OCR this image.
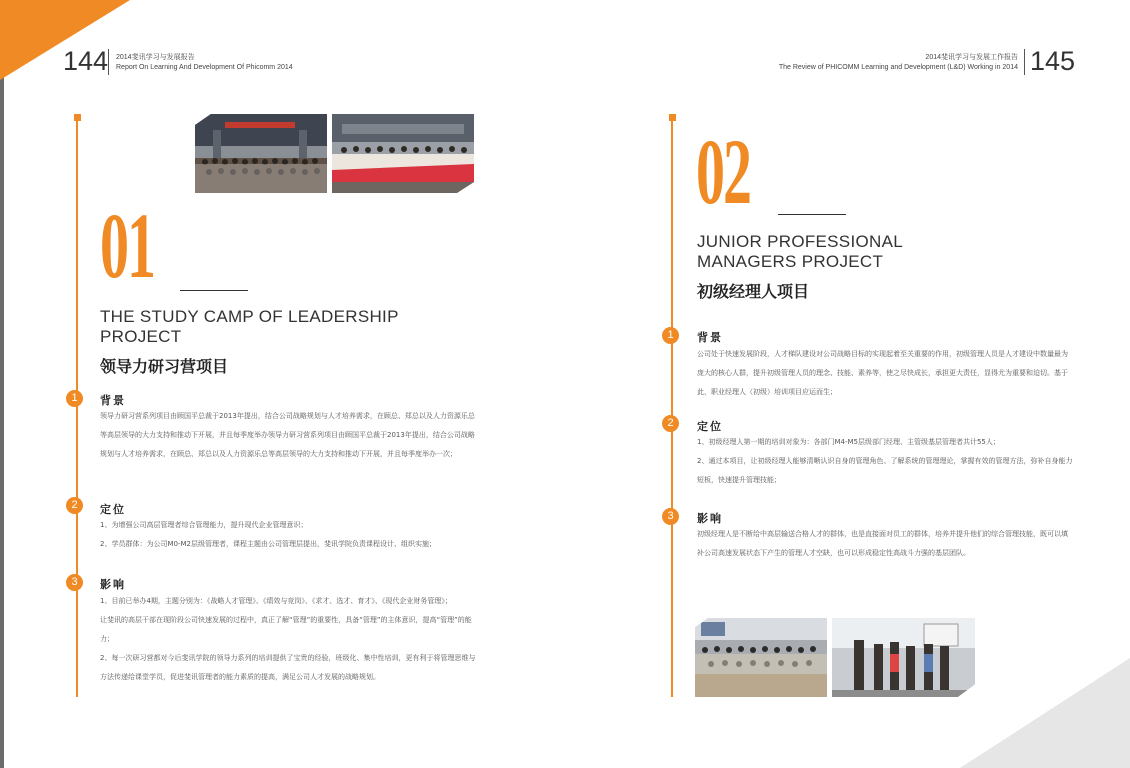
144 2014斐讯学习与发展报告
Report On Learning And Development Of Phicomm 2014
2014斐讯学习与发展工作报告
The Review of PHICOMM Learning and Development (L&D) Working in 2014 145
01
THE STUDY CAMP OF LEADERSHIP
PROJECT
领导力研习营项目
1	背景

领导力研习营系列项目由顾国平总裁于2013年提出，结合公司战略规划与人才培养需求，在顾总、郑总以及人力资源乐总等高层领导的大力支持和推动下开展，并且每季度举办领导力研习营系列项目由顾国平总裁于2013年提出，结合公司战略规划与人才培养需求，在顾总、郑总以及人力资源乐总等高层领导的大力支持和推动下开展，并且每季度举办一次；

2	定位

1、为增强公司高层管理者综合管理能力，提升现代企业管理意识；

2、学员群体：为公司M0-M2层级管理者，课程主题由公司管理层提出，斐讯学院负责课程设计、组织实施；

3	影响

1、目前已举办4期，主题分别为：《战略人才管理》、《绩效与竞岗》、《求才、选才、育才》、《现代企业财务管理》；

让斐讯的高层干部在现阶段公司快速发展的过程中，真正了解“管理”的重要性，具备“管理”的主体意识，提高“管理”的能力；

2、每一次研习营都对今后斐讯学院的领导力系列的培训提供了宝贵的经验，班级化、集中性培训，更有利于将管理思维与方法传递给课堂学员，促进斐讯管理者的能力素质的提高，满足公司人才发展的战略规划。

02
JUNIOR PROFESSIONAL
MANAGERS PROJECT
初级经理人项目
1	背景

公司处于快速发展阶段，人才梯队建设对公司战略目标的实现起着至关重要的作用，初级管理人员是人才建设中数量最为庞大的核心人群，提升初级管理人员的理念、技能、素养等，使之尽快成长，承担更大责任，显得尤为重要和迫切。基于此，职业经理人（初级）培训项目应运而生；

2	定位

1、初级经理人第一期的培训对象为：各部门M4-M5层级部门经理、主管级基层管理者共计55人；

2、通过本项目，让初级经理人能够清晰认识自身的管理角色、了解系统的管理理论，掌握有效的管理方法，弥补自身能力短板，快速提升管理技能；

3	影响

初级经理人是不断给中高层输送合格人才的群体，也是直接面对员工的群体，培养并提升他们的综合管理技能，既可以填补公司高速发展状态下产生的管理人才空缺，也可以形成稳定性高战斗力强的基层团队。
